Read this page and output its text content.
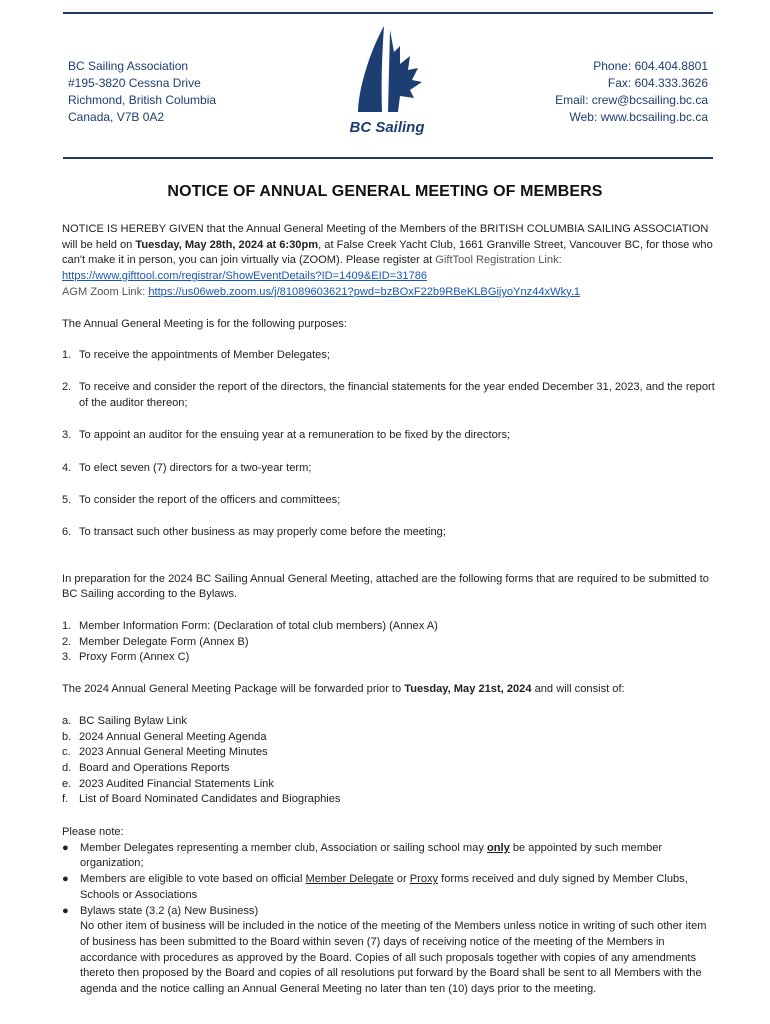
BC Sailing Association
#195-3820 Cessna Drive
Richmond, British Columbia
Canada, V7B 0A2
BC Sailing
Phone: 604.404.8801
Fax: 604.333.3626
Email: crew@bcsailing.bc.ca
Web: www.bcsailing.bc.ca
NOTICE OF ANNUAL GENERAL MEETING OF MEMBERS

NOTICE IS HEREBY GIVEN that the Annual General Meeting of the Members of the BRITISH COLUMBIA SAILING ASSOCIATION will be held on Tuesday, May 28th, 2024 at 6:30pm, at False Creek Yacht Club, 1661 Granville Street, Vancouver BC, for those who can't make it in person, you can join virtually via (ZOOM). Please register at GiftTool Registration Link: https://www.gifttool.com/registrar/ShowEventDetails?ID=1409&EID=31786

AGM Zoom Link: https://us06web.zoom.us/j/81089603621?pwd=bzBOxF22b9RBeKLBGijyoYnz44xWky.1

The Annual General Meeting is for the following purposes:

1. To receive the appointments of Member Delegates;
2. To receive and consider the report of the directors, the financial statements for the year ended December 31, 2023, and the report of the auditor thereon;
3. To appoint an auditor for the ensuing year at a remuneration to be fixed by the directors;
4. To elect seven (7) directors for a two-year term;
5. To consider the report of the officers and committees;
6. To transact such other business as may properly come before the meeting;

In preparation for the 2024 BC Sailing Annual General Meeting, attached are the following forms that are required to be submitted to BC Sailing according to the Bylaws.

1. Member Information Form: (Declaration of total club members) (Annex A)
2. Member Delegate Form (Annex B)
3. Proxy Form (Annex C)

The 2024 Annual General Meeting Package will be forwarded prior to Tuesday, May 21st, 2024 and will consist of:

a. BC Sailing Bylaw Link
b. 2024 Annual General Meeting Agenda
c. 2023 Annual General Meeting Minutes
d. Board and Operations Reports
e. 2023 Audited Financial Statements Link
f. List of Board Nominated Candidates and Biographies

Please note:

●	Member Delegates representing a member club, Association or sailing school may only be appointed by such member organization;
●	Members are eligible to vote based on official Member Delegate or Proxy forms received and duly signed by Member Clubs, Schools or Associations
●	Bylaws state (3.2 (a) New Business)

No other item of business will be included in the notice of the meeting of the Members unless notice in writing of such other item of business has been submitted to the Board within seven (7) days of receiving notice of the meeting of the Members in accordance with procedures as approved by the Board. Copies of all such proposals together with copies of any amendments thereto then proposed by the Board and copies of all resolutions put forward by the Board shall be sent to all Members with the agenda and the notice calling an Annual General Meeting no later than ten (10) days prior to the meeting.
